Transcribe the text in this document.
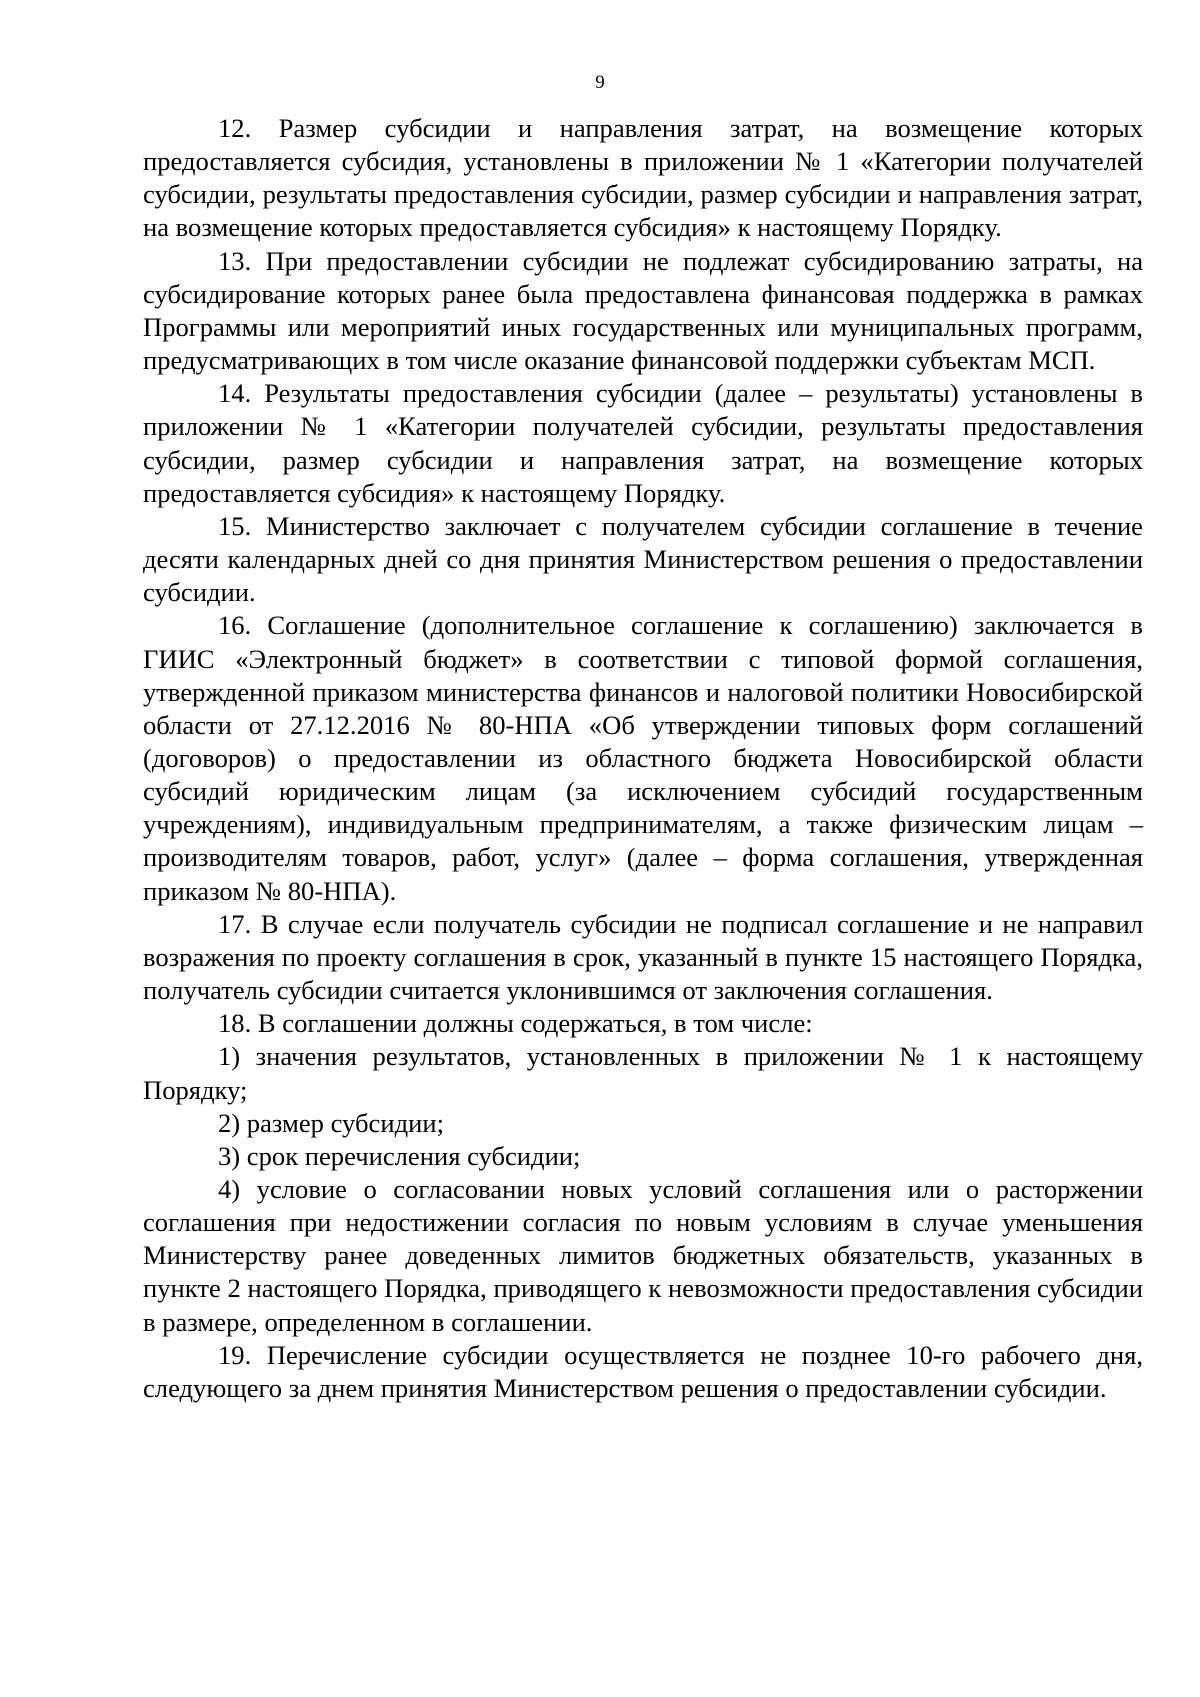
9

12. Размер субсидии и направления затрат, на возмещение которых предоставляется субсидия, установлены в приложении № 1 «Категории получателей субсидии, результаты предоставления субсидии, размер субсидии и направления затрат, на возмещение которых предоставляется субсидия» к настоящему Порядку.

13. При предоставлении субсидии не подлежат субсидированию затраты, на субсидирование которых ранее была предоставлена финансовая поддержка в рамках Программы или мероприятий иных государственных или муниципальных программ, предусматривающих в том числе оказание финансовой поддержки субъектам МСП.

14. Результаты предоставления субсидии (далее – результаты) установлены в приложении № 1 «Категории получателей субсидии, результаты предоставления субсидии, размер субсидии и направления затрат, на возмещение которых предоставляется субсидия» к настоящему Порядку.

15. Министерство заключает с получателем субсидии соглашение в течение десяти календарных дней со дня принятия Министерством решения о предоставлении субсидии.

16. Соглашение (дополнительное соглашение к соглашению) заключается в ГИИС «Электронный бюджет» в соответствии с типовой формой соглашения, утвержденной приказом министерства финансов и налоговой политики Новосибирской области от 27.12.2016 № 80-НПА «Об утверждении типовых форм соглашений (договоров) о предоставлении из областного бюджета Новосибирской области субсидий юридическим лицам (за исключением субсидий государственным учреждениям), индивидуальным предпринимателям, а также физическим лицам – производителям товаров, работ, услуг» (далее – форма соглашения, утвержденная приказом № 80-НПА).

17. В случае если получатель субсидии не подписал соглашение и не направил возражения по проекту соглашения в срок, указанный в пункте 15 настоящего Порядка, получатель субсидии считается уклонившимся от заключения соглашения.

18. В соглашении должны содержаться, в том числе:

1) значения результатов, установленных в приложении № 1 к настоящему Порядку;

2) размер субсидии;

3) срок перечисления субсидии;

4) условие о согласовании новых условий соглашения или о расторжении соглашения при недостижении согласия по новым условиям в случае уменьшения Министерству ранее доведенных лимитов бюджетных обязательств, указанных в пункте 2 настоящего Порядка, приводящего к невозможности предоставления субсидии в размере, определенном в соглашении.

19. Перечисление субсидии осуществляется не позднее 10-го рабочего дня, следующего за днем принятия Министерством решения о предоставлении субсидии.
